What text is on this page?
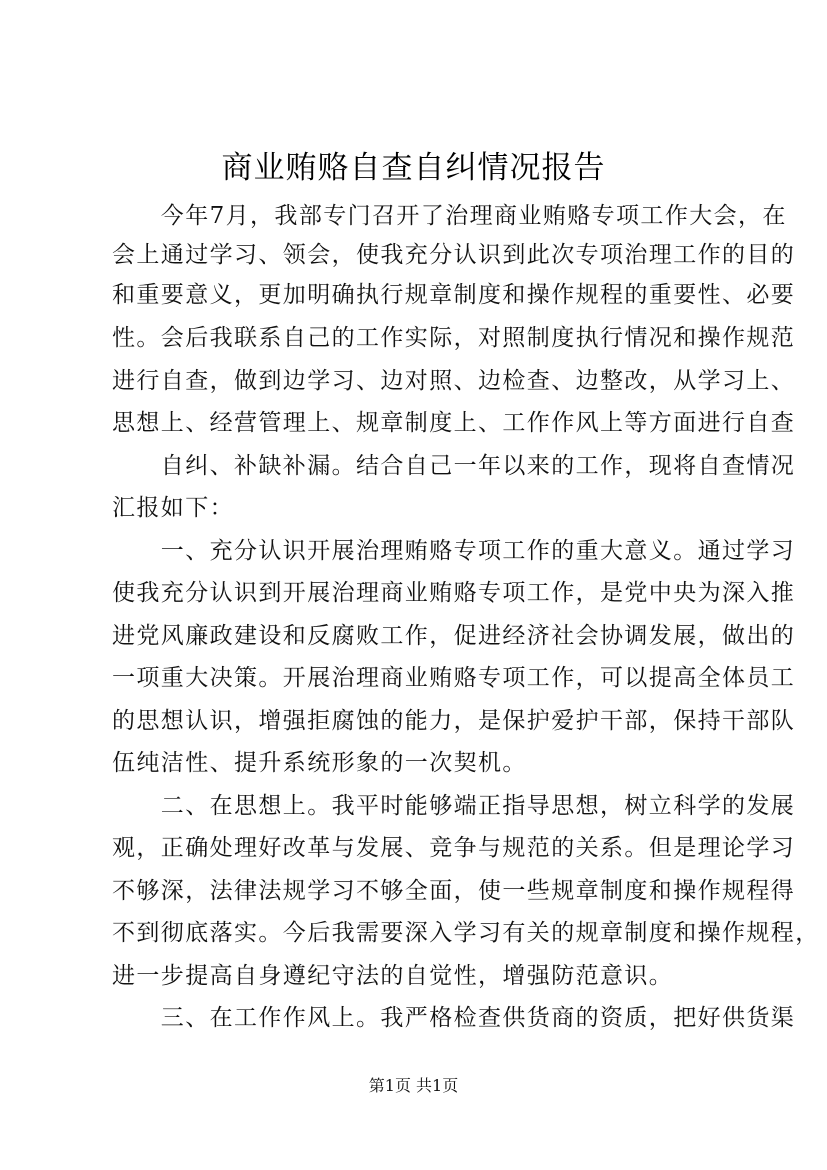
商业贿赂自查自纠情况报告
　　今年7月，我部专门召开了治理商业贿赂专项工作大会，在
会上通过学习、领会，使我充分认识到此次专项治理工作的目的
和重要意义，更加明确执行规章制度和操作规程的重要性、必要
性。会后我联系自己的工作实际，对照制度执行情况和操作规范
进行自查，做到边学习、边对照、边检查、边整改，从学习上、
思想上、经营管理上、规章制度上、工作作风上等方面进行自查
　　自纠、补缺补漏。结合自己一年以来的工作，现将自查情况
汇报如下：
　　一、充分认识开展治理贿赂专项工作的重大意义。通过学习
使我充分认识到开展治理商业贿赂专项工作，是党中央为深入推
进党风廉政建设和反腐败工作，促进经济社会协调发展，做出的
一项重大决策。开展治理商业贿赂专项工作，可以提高全体员工
的思想认识，增强拒腐蚀的能力，是保护爱护干部，保持干部队
伍纯洁性、提升系统形象的一次契机。
　　二、在思想上。我平时能够端正指导思想，树立科学的发展
观，正确处理好改革与发展、竞争与规范的关系。但是理论学习
不够深，法律法规学习不够全面，使一些规章制度和操作规程得
不到彻底落实。今后我需要深入学习有关的规章制度和操作规程，
进一步提高自身遵纪守法的自觉性，增强防范意识。
　　三、在工作作风上。我严格检查供货商的资质，把好供货渠
第1页 共1页
